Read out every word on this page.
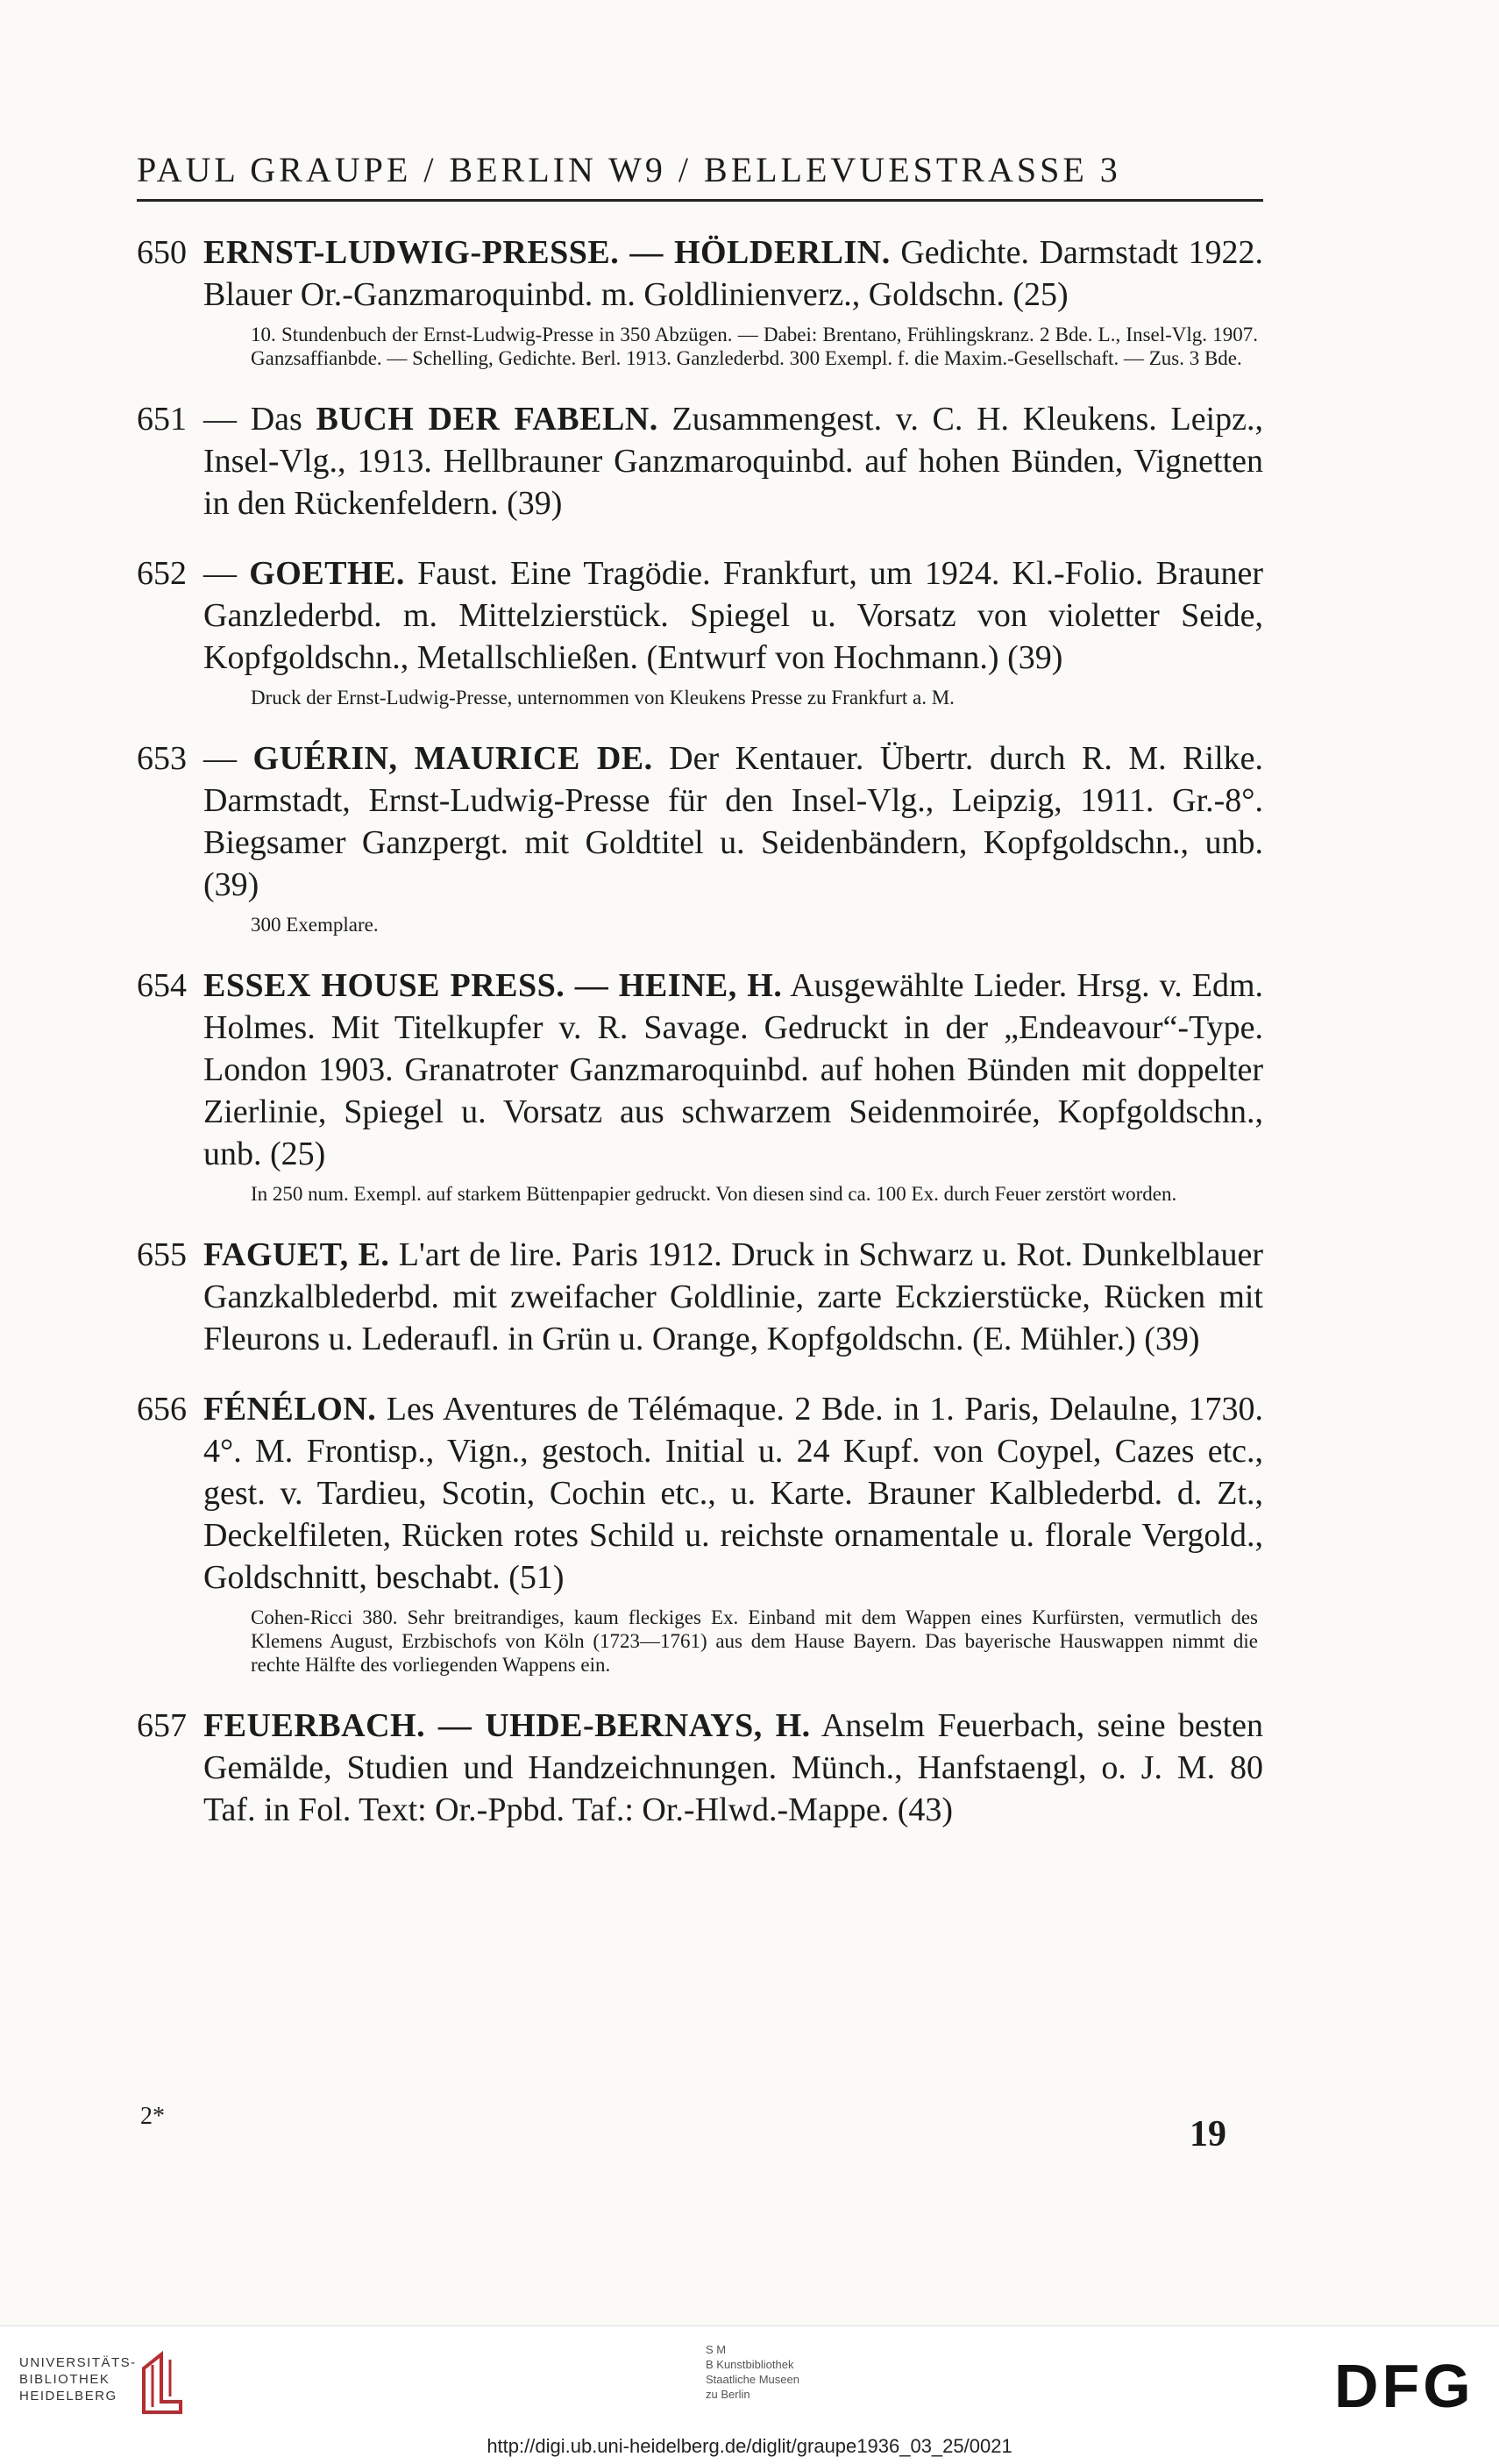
PAUL GRAUPE / BERLIN W9 / BELLEVUESTRASSE 3
650 ERNST-LUDWIG-PRESSE. — HÖLDERLIN. Gedichte. Darmstadt 1922. Blauer Or.-Ganzmaroquinbd. m. Goldlinienverz., Goldschn. (25)
10. Stundenbuch der Ernst-Ludwig-Presse in 350 Abzügen. — Dabei: Brentano, Frühlingskranz. 2 Bde. L., Insel-Vlg. 1907. Ganzsaffianbde. — Schelling, Gedichte. Berl. 1913. Ganzlederbd. 300 Exempl. f. die Maxim.-Gesellschaft. — Zus. 3 Bde.
651 — Das BUCH DER FABELN. Zusammengest. v. C. H. Kleukens. Leipz., Insel-Vlg., 1913. Hellbrauner Ganzmaroquinbd. auf hohen Bünden, Vignetten in den Rückenfeldern. (39)
652 — GOETHE. Faust. Eine Tragödie. Frankfurt, um 1924. Kl.-Folio. Brauner Ganzlederbd. m. Mittelzierstück. Spiegel u. Vorsatz von violetter Seide, Kopfgoldschn., Metallschließen. (Entwurf von Hochmann.) (39)
Druck der Ernst-Ludwig-Presse, unternommen von Kleukens Presse zu Frankfurt a. M.
653 — GUÉRIN, MAURICE DE. Der Kentauer. Übertr. durch R. M. Rilke. Darmstadt, Ernst-Ludwig-Presse für den Insel-Vlg., Leipzig, 1911. Gr.-8°. Biegsamer Ganzpergt. mit Goldtitel u. Seidenbändern, Kopfgoldschn., unb. (39)
300 Exemplare.
654 ESSEX HOUSE PRESS. — HEINE, H. Ausgewählte Lieder. Hrsg. v. Edm. Holmes. Mit Titelkupfer v. R. Savage. Gedruckt in der „Endeavour“-Type. London 1903. Granatroter Ganzmaroquinbd. auf hohen Bünden mit doppelter Zierlinie, Spiegel u. Vorsatz aus schwarzem Seidenmoirée, Kopfgoldschn., unb. (25)
In 250 num. Exempl. auf starkem Büttenpapier gedruckt. Von diesen sind ca. 100 Ex. durch Feuer zerstört worden.
655 FAGUET, E. L'art de lire. Paris 1912. Druck in Schwarz u. Rot. Dunkelblauer Ganzkalblederbd. mit zweifacher Goldlinie, zarte Eckzierstücke, Rücken mit Fleurons u. Lederaufl. in Grün u. Orange, Kopfgoldschn. (E. Mühler.) (39)
656 FÉNÉLON. Les Aventures de Télémaque. 2 Bde. in 1. Paris, Delaulne, 1730. 4°. M. Frontisp., Vign., gestoch. Initial u. 24 Kupf. von Coypel, Cazes etc., gest. v. Tardieu, Scotin, Cochin etc., u. Karte. Brauner Kalblederbd. d. Zt., Deckelfileten, Rücken rotes Schild u. reichste ornamentale u. florale Vergold., Goldschnitt, beschabt. (51)
Cohen-Ricci 380. Sehr breitrandiges, kaum fleckiges Ex. Einband mit dem Wappen eines Kurfürsten, vermutlich des Klemens August, Erzbischofs von Köln (1723—1761) aus dem Hause Bayern. Das bayerische Hauswappen nimmt die rechte Hälfte des vorliegenden Wappens ein.
657 FEUERBACH. — UHDE-BERNAYS, H. Anselm Feuerbach, seine besten Gemälde, Studien und Handzeichnungen. Münch., Hanfstaengl, o. J. M. 80 Taf. in Fol. Text: Or.-Ppbd. Taf.: Or.-Hlwd.-Mappe. (43)
2*	19
UNIVERSITÄTS-
BIBLIOTHEK
HEIDELBERG
S M
B Kunstbibliothek
Staatliche Museen
zu Berlin	DFG
http://digi.ub.uni-heidelberg.de/diglit/graupe1936_03_25/0021
